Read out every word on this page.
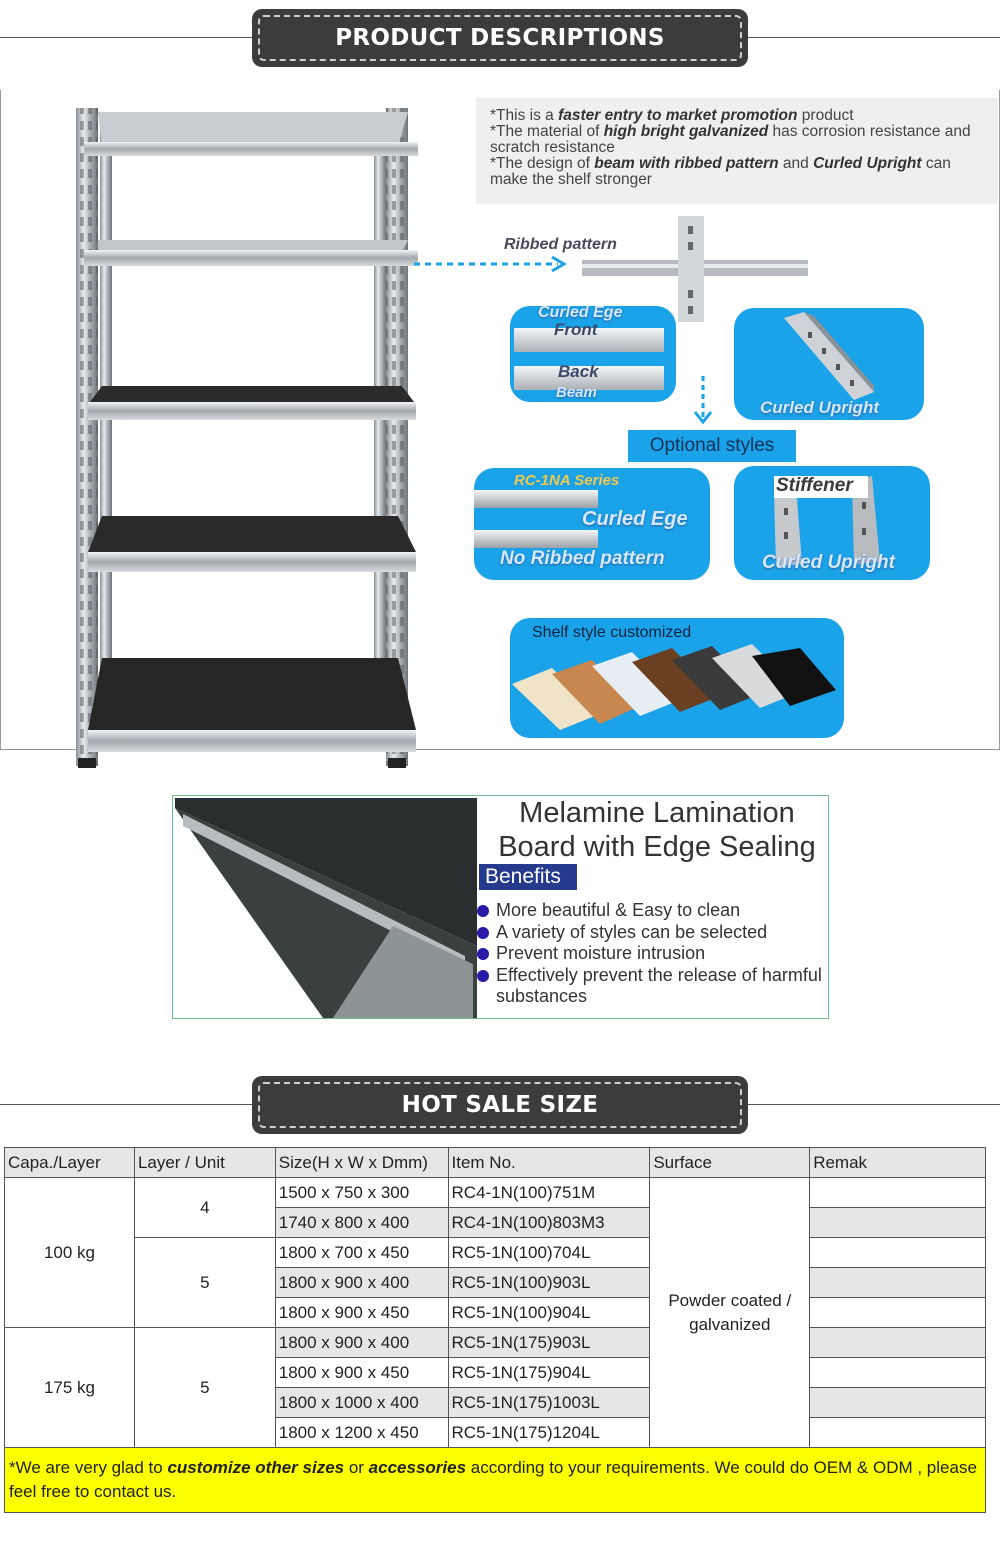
PRODUCT DESCRIPTIONS
*This is a faster entry to market promotion product
*The material of high bright galvanized has corrosion resistance and scratch resistance
*The design of beam with ribbed pattern and Curled Upright can make the shelf stronger
Ribbed pattern
Curled Ege
Front
Back
Beam
Curled Upright
Optional styles
RC-1NA Series
Curled Ege
No Ribbed pattern
Stiffener
Curled Upright
Shelf style customized
Melamine Lamination Board with Edge Sealing
Benefits
More beautiful & Easy to clean
A variety of styles can be selected
Prevent moisture intrusion
Effectively prevent the release of harmful substances
HOT SALE SIZE
Capa./Layer	Layer / Unit	Size(H x W x Dmm)	Item No.	Surface	Remak
100 kg	4	1500 x 750 x 300	RC4-1N(100)751M	Powder coated / galvanized	
		1740 x 800 x 400	RC4-1N(100)803M3		
	5	1800 x 700 x 450	RC5-1N(100)704L		
		1800 x 900 x 400	RC5-1N(100)903L		
		1800 x 900 x 450	RC5-1N(100)904L		
175 kg	5	1800 x 900 x 400	RC5-1N(175)903L		
		1800 x 900 x 450	RC5-1N(175)904L		
		1800 x 1000 x 400	RC5-1N(175)1003L		
		1800 x 1200 x 450	RC5-1N(175)1204L		
*We are very glad to customize other sizes or accessories according to your requirements. We could do OEM & ODM , please feel free to contact us.					
